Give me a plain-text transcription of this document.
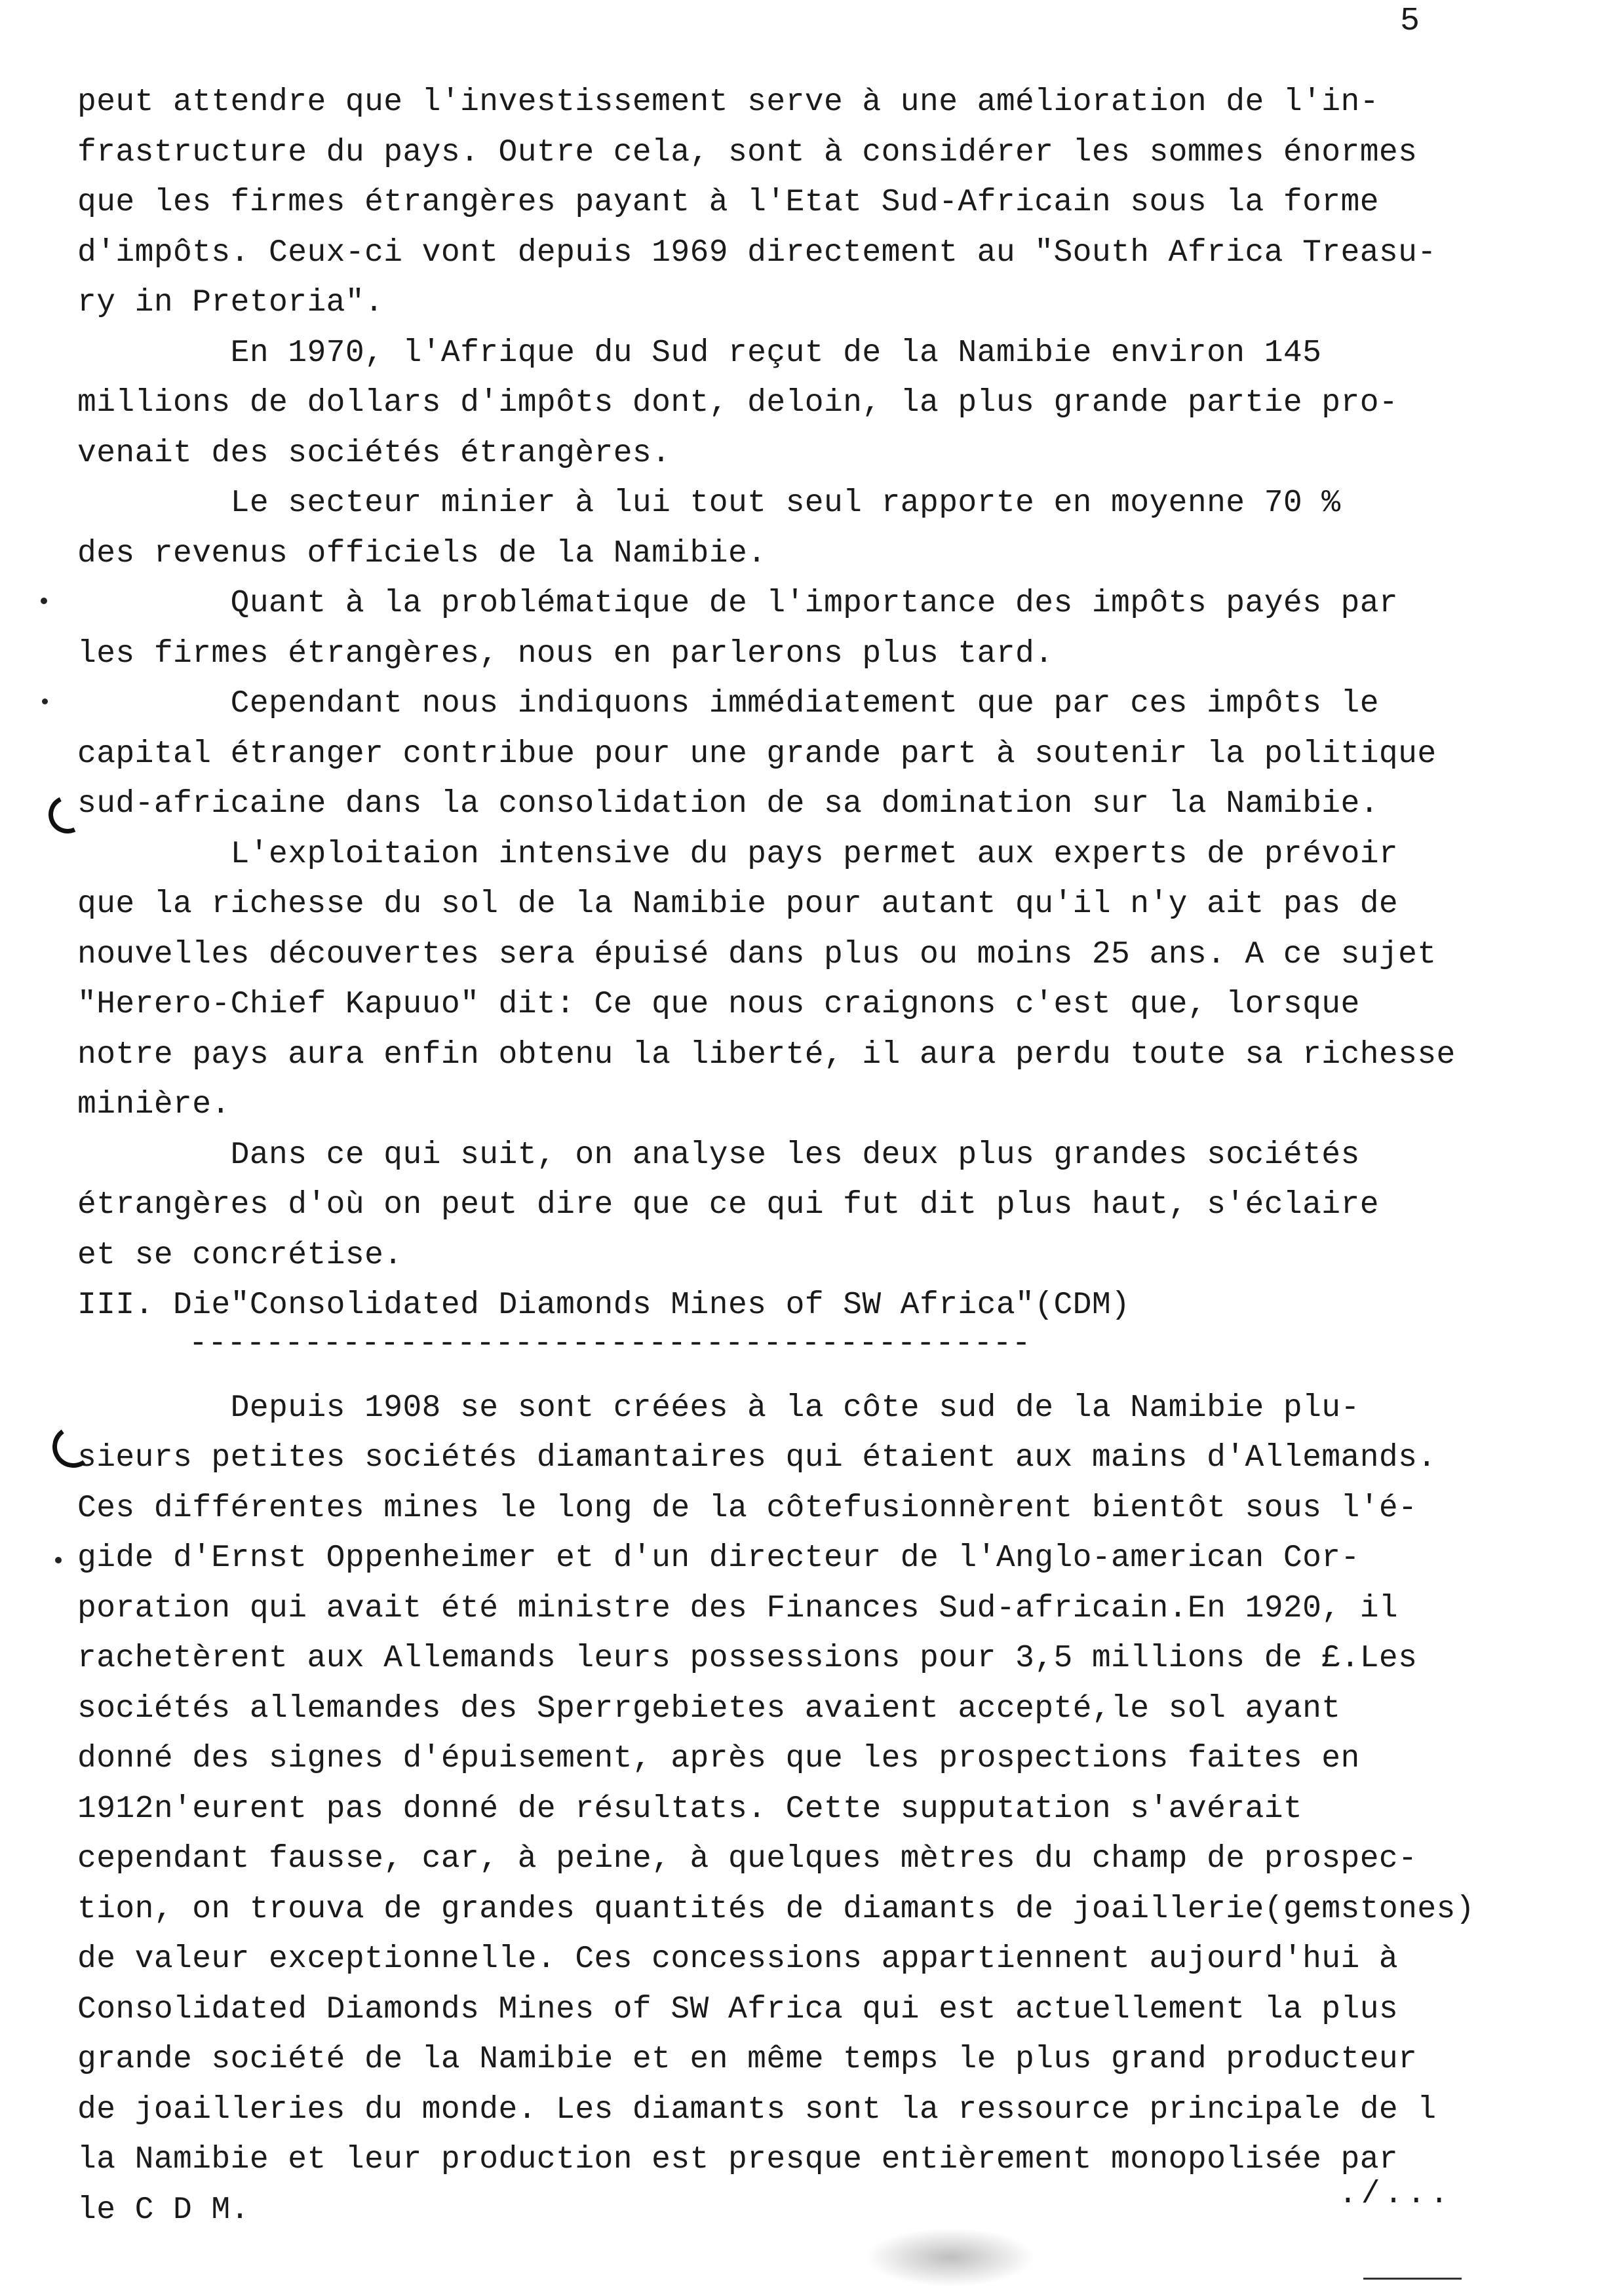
5
peut attendre que l'investissement serve à une amélioration de l'in-
frastructure du pays. Outre cela, sont à considérer les sommes énormes
que les firmes étrangères payant à l'Etat Sud-Africain sous la forme
d'impôts. Ceux-ci vont depuis 1969 directement au "South Africa Treasu-
ry in Pretoria".
En 1970, l'Afrique du Sud reçut de la Namibie environ 145
millions de dollars d'impôts dont, deloin, la plus grande partie pro-
venait des sociétés étrangères.
Le secteur minier à lui tout seul rapporte en moyenne 70 %
des revenus officiels de la Namibie.
Quant à la problématique de l'importance des impôts payés par
les firmes étrangères, nous en parlerons plus tard.
Cependant nous indiquons immédiatement que par ces impôts le
capital étranger contribue pour une grande part à soutenir la politique
sud-africaine dans la consolidation de sa domination sur la Namibie.
L'exploitaion intensive du pays permet aux experts de prévoir
que la richesse du sol de la Namibie pour autant qu'il n'y ait pas de
nouvelles découvertes sera épuisé dans plus ou moins 25 ans. A ce sujet
"Herero-Chief Kapuuo" dit: Ce que nous craignons c'est que, lorsque
notre pays aura enfin obtenu la liberté, il aura perdu toute sa richesse
minière.
Dans ce qui suit, on analyse les deux plus grandes sociétés
étrangères d'où on peut dire que ce qui fut dit plus haut, s'éclaire
et se concrétise.
III. Die"Consolidated Diamonds Mines of SW Africa"(CDM)
--------------------------------------------
Depuis 1908 se sont créées à la côte sud de la Namibie plu-
sieurs petites sociétés diamantaires qui étaient aux mains d'Allemands.
Ces différentes mines le long de la côtefusionnèrent bientôt sous l'é-
gide d'Ernst Oppenheimer et d'un directeur de l'Anglo-american Cor-
poration qui avait été ministre des Finances Sud-africain.En 1920, il
rachetèrent aux Allemands leurs possessions pour 3,5 millions de £.Les
sociétés allemandes des Sperrgebietes avaient accepté,le sol ayant
donné des signes d'épuisement, après que les prospections faites en
1912n'eurent pas donné de résultats. Cette supputation s'avérait
cependant fausse, car, à peine, à quelques mètres du champ de prospec-
tion, on trouva de grandes quantités de diamants de joaillerie(gemstones)
de valeur exceptionnelle. Ces concessions appartiennent aujourd'hui à
Consolidated Diamonds Mines of SW Africa qui est actuellement la plus
grande société de la Namibie et en même temps le plus grand producteur
de joailleries du monde. Les diamants sont la ressource principale de l
la Namibie et leur production est presque entièrement monopolisée par
le C D M.	./...
